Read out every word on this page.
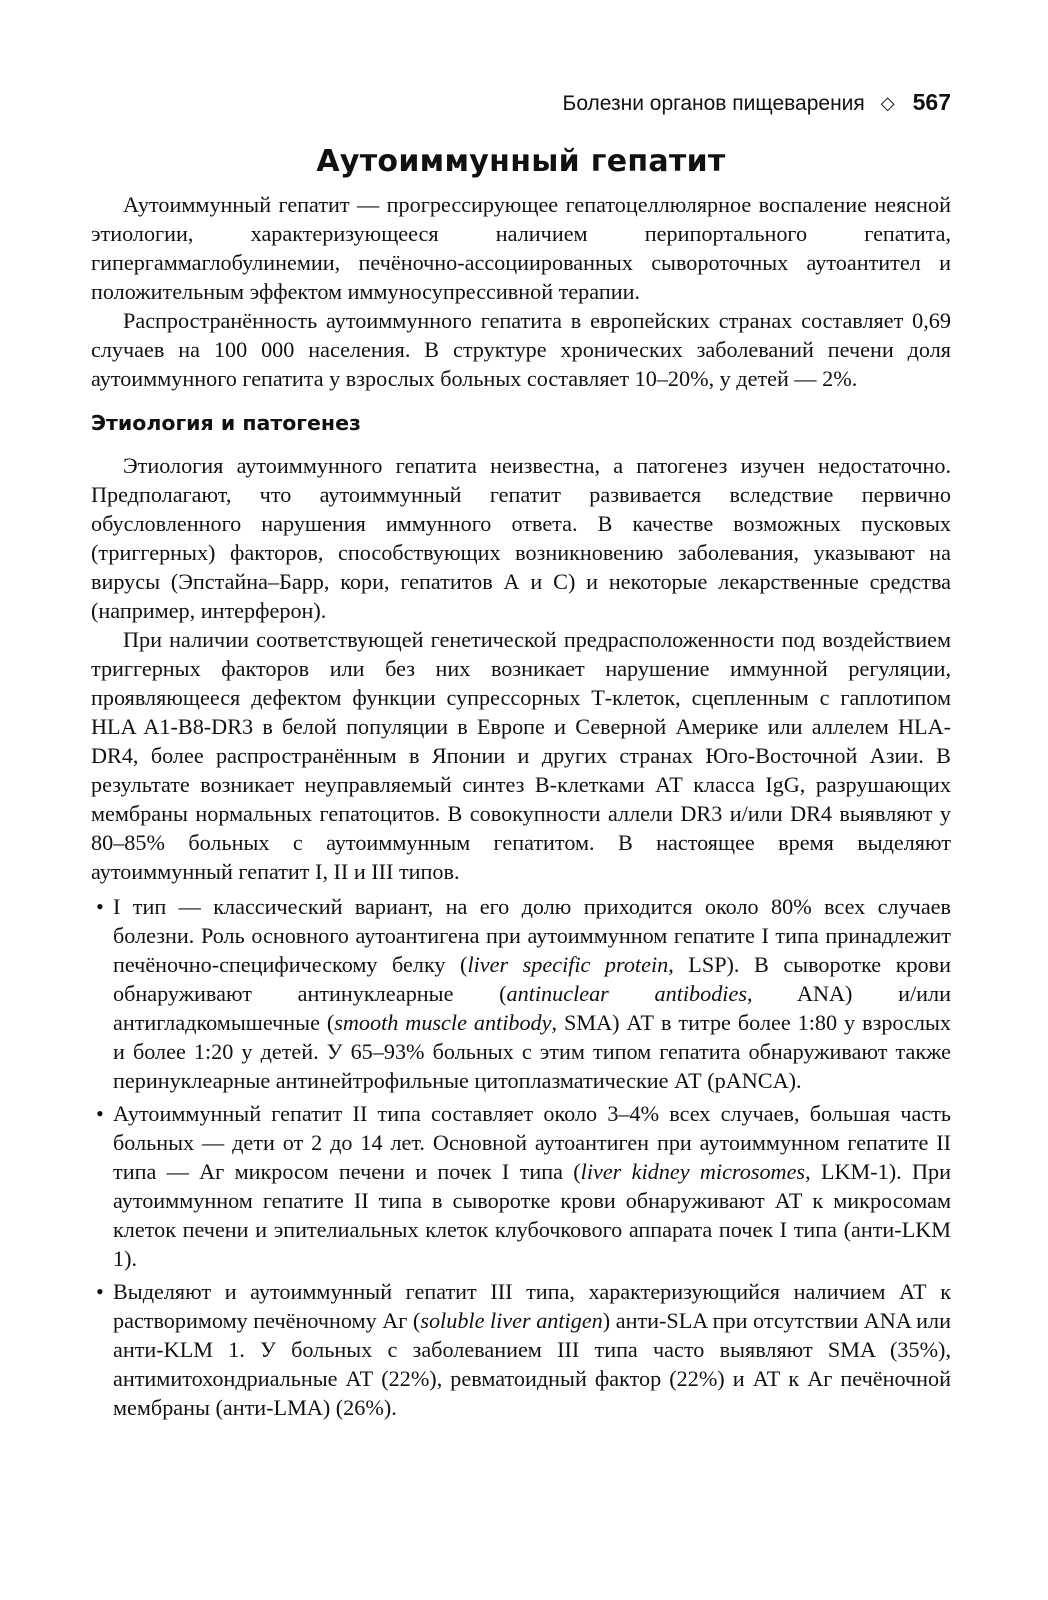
Болезни органов пищеварения ◇ 567
Аутоиммунный гепатит

Аутоиммунный гепатит — прогрессирующее гепатоцеллюлярное воспаление неясной этиологии, характеризующееся наличием перипортального гепатита, гипергаммаглобулинемии, печёночно-ассоциированных сывороточных аутоантител и положительным эффектом иммуносупрессивной терапии.

Распространённость аутоиммунного гепатита в европейских странах составляет 0,69 случаев на 100 000 населения. В структуре хронических заболеваний печени доля аутоиммунного гепатита у взрослых больных составляет 10–20%, у детей — 2%.

Этиология и патогенез

Этиология аутоиммунного гепатита неизвестна, а патогенез изучен недостаточно. Предполагают, что аутоиммунный гепатит развивается вследствие первично обусловленного нарушения иммунного ответа. В качестве возможных пусковых (триггерных) факторов, способствующих возникновению заболевания, указывают на вирусы (Эпстайна–Барр, кори, гепатитов А и С) и некоторые лекарственные средства (например, интерферон).

При наличии соответствующей генетической предрасположенности под воздействием триггерных факторов или без них возникает нарушение иммунной регуляции, проявляющееся дефектом функции супрессорных Т-клеток, сцепленным с гаплотипом HLA A1-B8-DR3 в белой популяции в Европе и Северной Америке или аллелем HLA-DR4, более распространённым в Японии и других странах Юго-Восточной Азии. В результате возникает неуправляемый синтез В-клетками АТ класса IgG, разрушающих мембраны нормальных гепатоцитов. В совокупности аллели DR3 и/или DR4 выявляют у 80–85% больных с аутоиммунным гепатитом. В настоящее время выделяют аутоиммунный гепатит I, II и III типов.

• I тип — классический вариант, на его долю приходится около 80% всех случаев болезни. Роль основного аутоантигена при аутоиммунном гепатите I типа принадлежит печёночно-специфическому белку (liver specific protein, LSP). В сыворотке крови обнаруживают антинуклеарные (antinuclear antibodies, ANA) и/или антигладкомышечные (smooth muscle antibody, SMA) АТ в титре более 1:80 у взрослых и более 1:20 у детей. У 65–93% больных с этим типом гепатита обнаруживают также перинуклеарные антинейтрофильные цитоплазматические АТ (pANCA).
• Аутоиммунный гепатит II типа составляет около 3–4% всех случаев, большая часть больных — дети от 2 до 14 лет. Основной аутоантиген при аутоиммунном гепатите II типа — Аг микросом печени и почек I типа (liver kidney microsomes, LKM-1). При аутоиммунном гепатите II типа в сыворотке крови обнаруживают АТ к микросомам клеток печени и эпителиальных клеток клубочкового аппарата почек I типа (анти-LKM 1).
• Выделяют и аутоиммунный гепатит III типа, характеризующийся наличием АТ к растворимому печёночному Аг (soluble liver antigen) анти-SLA при отсутствии ANA или анти-KLM 1. У больных с заболеванием III типа часто выявляют SMA (35%), антимитохондриальные АТ (22%), ревматоидный фактор (22%) и АТ к Аг печёночной мембраны (анти-LMA) (26%).
